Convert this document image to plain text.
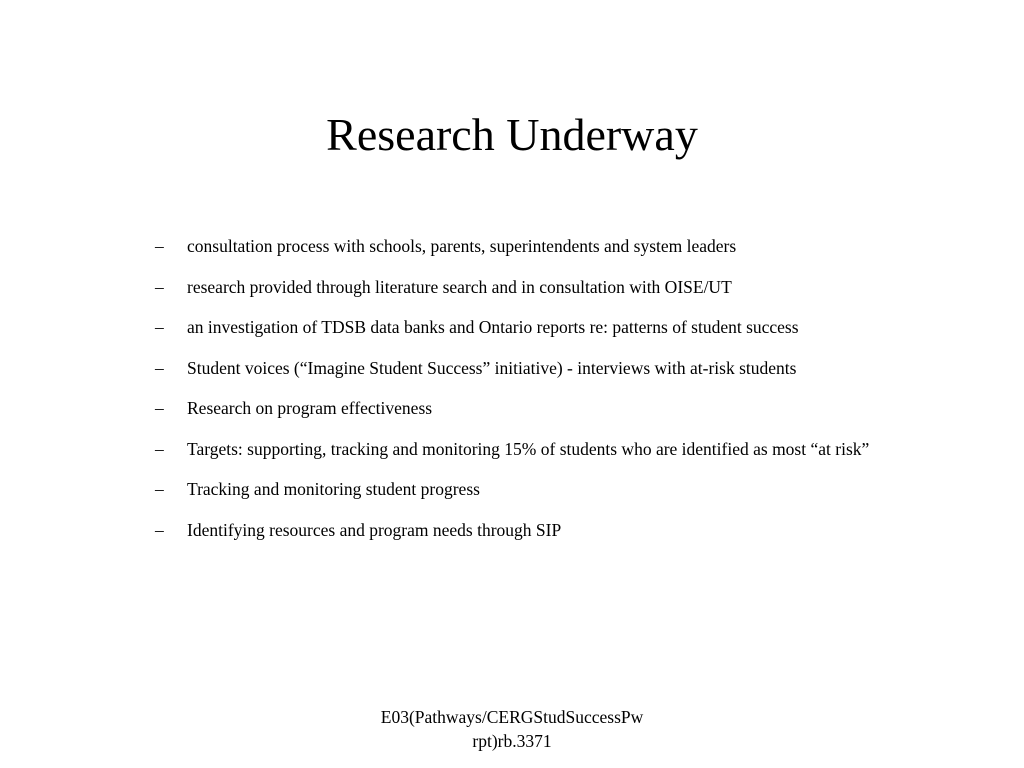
Research Underway
– consultation process with schools, parents, superintendents and system leaders
– research provided through literature search and in consultation with OISE/UT
– an investigation of TDSB data banks and Ontario reports re: patterns of student success
– Student voices (“Imagine Student Success” initiative) - interviews with at-risk students
– Research on program effectiveness
– Targets: supporting, tracking and monitoring 15% of students who are identified as most “at risk”
– Tracking and monitoring student progress
– Identifying resources and program needs through SIP
E03(Pathways/CERGStudSuccessPw
rpt)rb.3371
